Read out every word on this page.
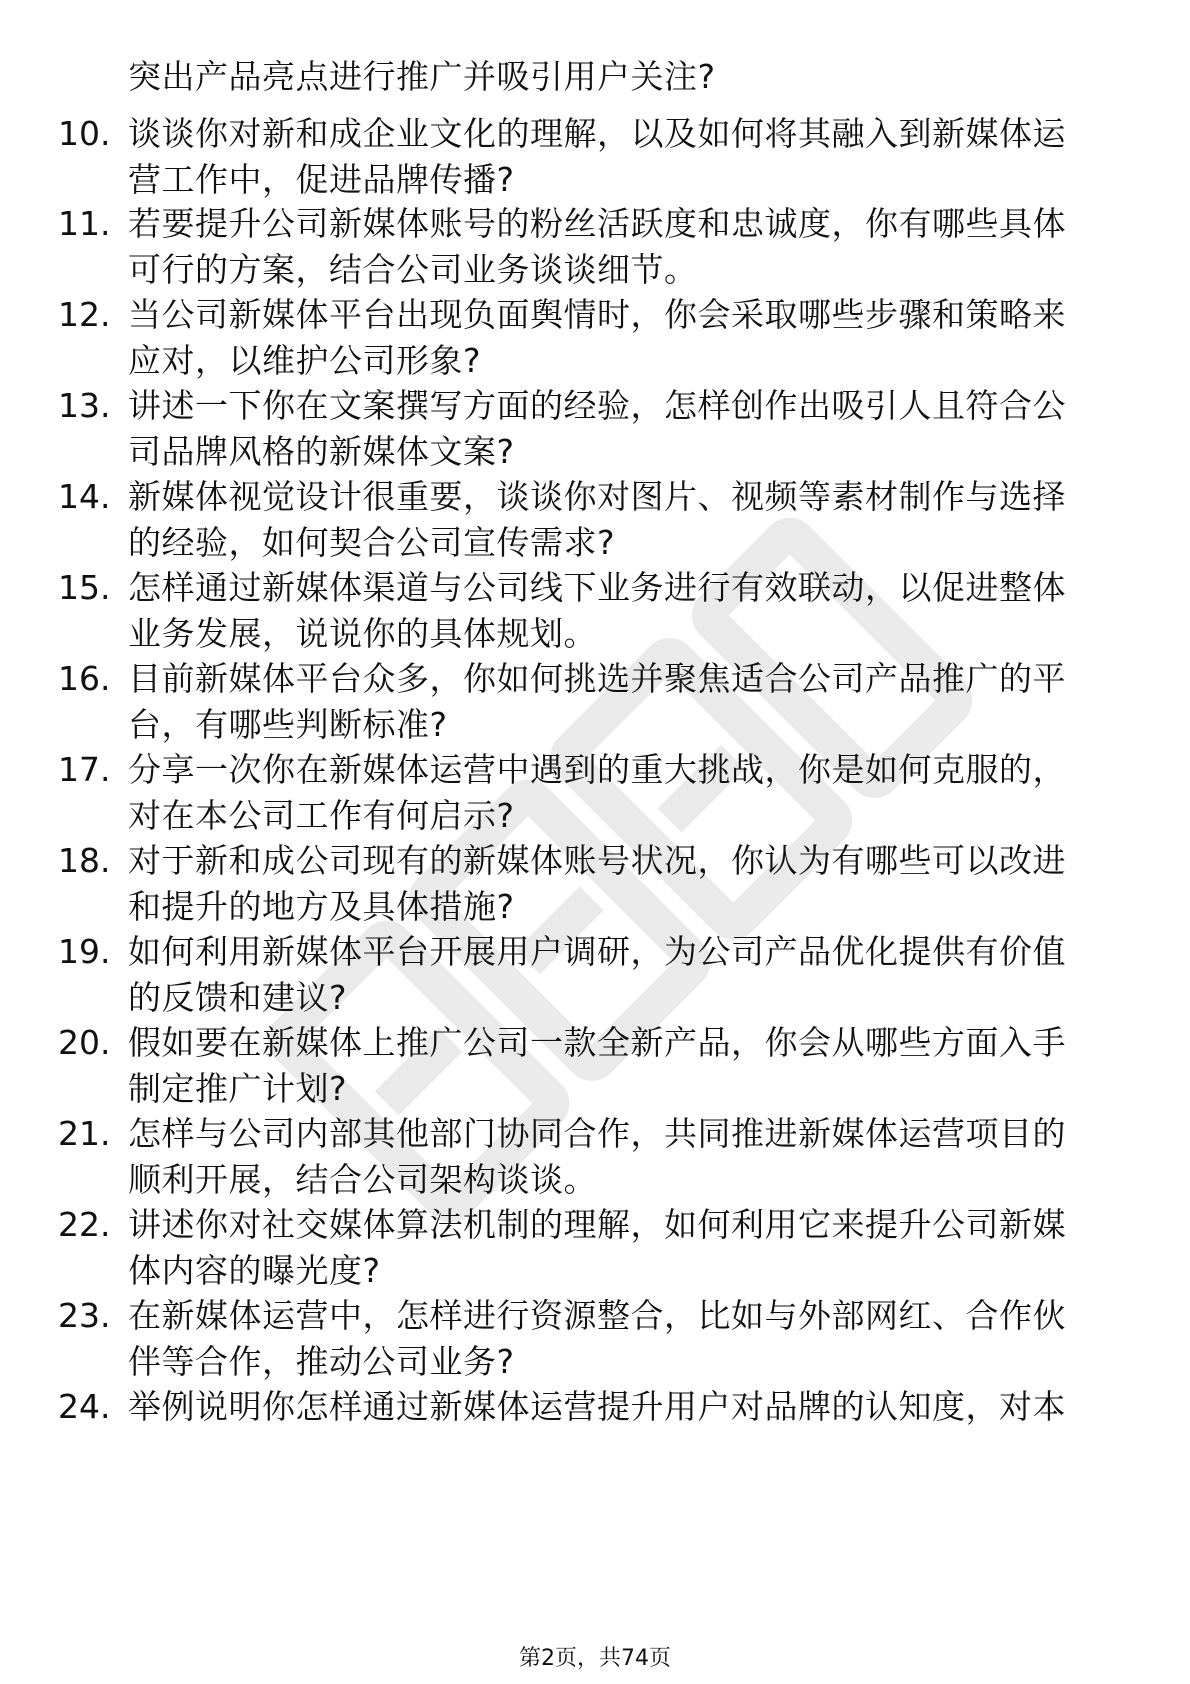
突出产品亮点进行推广并吸引用户关注?
10. 谈谈你对新和成企业文化的理解，以及如何将其融入到新媒体运
营工作中，促进品牌传播?
11. 若要提升公司新媒体账号的粉丝活跃度和忠诚度，你有哪些具体
可行的方案，结合公司业务谈谈细节。
12. 当公司新媒体平台出现负面舆情时，你会采取哪些步骤和策略来
应对，以维护公司形象?
13. 讲述一下你在文案撰写方面的经验，怎样创作出吸引人且符合公
司品牌风格的新媒体文案?
14. 新媒体视觉设计很重要，谈谈你对图片、视频等素材制作与选择
的经验，如何契合公司宣传需求?
15. 怎样通过新媒体渠道与公司线下业务进行有效联动，以促进整体
业务发展，说说你的具体规划。
16. 目前新媒体平台众多，你如何挑选并聚焦适合公司产品推广的平
台，有哪些判断标准?
17. 分享一次你在新媒体运营中遇到的重大挑战，你是如何克服的，
对在本公司工作有何启示?
18. 对于新和成公司现有的新媒体账号状况，你认为有哪些可以改进
和提升的地方及具体措施?
19. 如何利用新媒体平台开展用户调研，为公司产品优化提供有价值
的反馈和建议?
20. 假如要在新媒体上推广公司一款全新产品，你会从哪些方面入手
制定推广计划?
21. 怎样与公司内部其他部门协同合作，共同推进新媒体运营项目的
顺利开展，结合公司架构谈谈。
22. 讲述你对社交媒体算法机制的理解，如何利用它来提升公司新媒
体内容的曝光度?
23. 在新媒体运营中，怎样进行资源整合，比如与外部网红、合作伙
伴等合作，推动公司业务?
24. 举例说明你怎样通过新媒体运营提升用户对品牌的认知度，对本
第2页，共74页
